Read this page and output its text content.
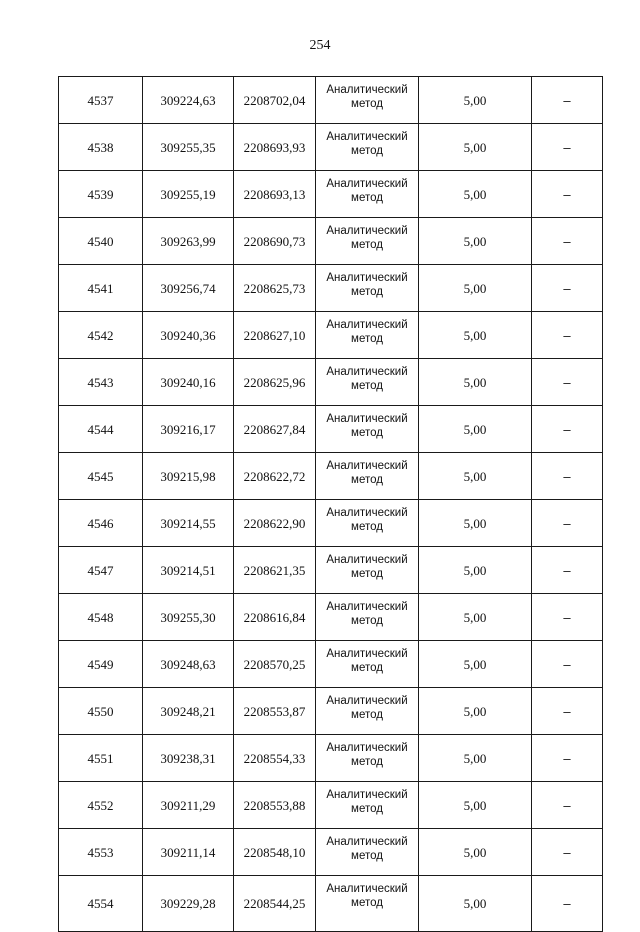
254
4537	309224,63	2208702,04	Аналитический метод	5,00	–
4538	309255,35	2208693,93	Аналитический метод	5,00	–
4539	309255,19	2208693,13	Аналитический метод	5,00	–
4540	309263,99	2208690,73	Аналитический метод	5,00	–
4541	309256,74	2208625,73	Аналитический метод	5,00	–
4542	309240,36	2208627,10	Аналитический метод	5,00	–
4543	309240,16	2208625,96	Аналитический метод	5,00	–
4544	309216,17	2208627,84	Аналитический метод	5,00	–
4545	309215,98	2208622,72	Аналитический метод	5,00	–
4546	309214,55	2208622,90	Аналитический метод	5,00	–
4547	309214,51	2208621,35	Аналитический метод	5,00	–
4548	309255,30	2208616,84	Аналитический метод	5,00	–
4549	309248,63	2208570,25	Аналитический метод	5,00	–
4550	309248,21	2208553,87	Аналитический метод	5,00	–
4551	309238,31	2208554,33	Аналитический метод	5,00	–
4552	309211,29	2208553,88	Аналитический метод	5,00	–
4553	309211,14	2208548,10	Аналитический метод	5,00	–
4554	309229,28	2208544,25	Аналитический метод	5,00	–
